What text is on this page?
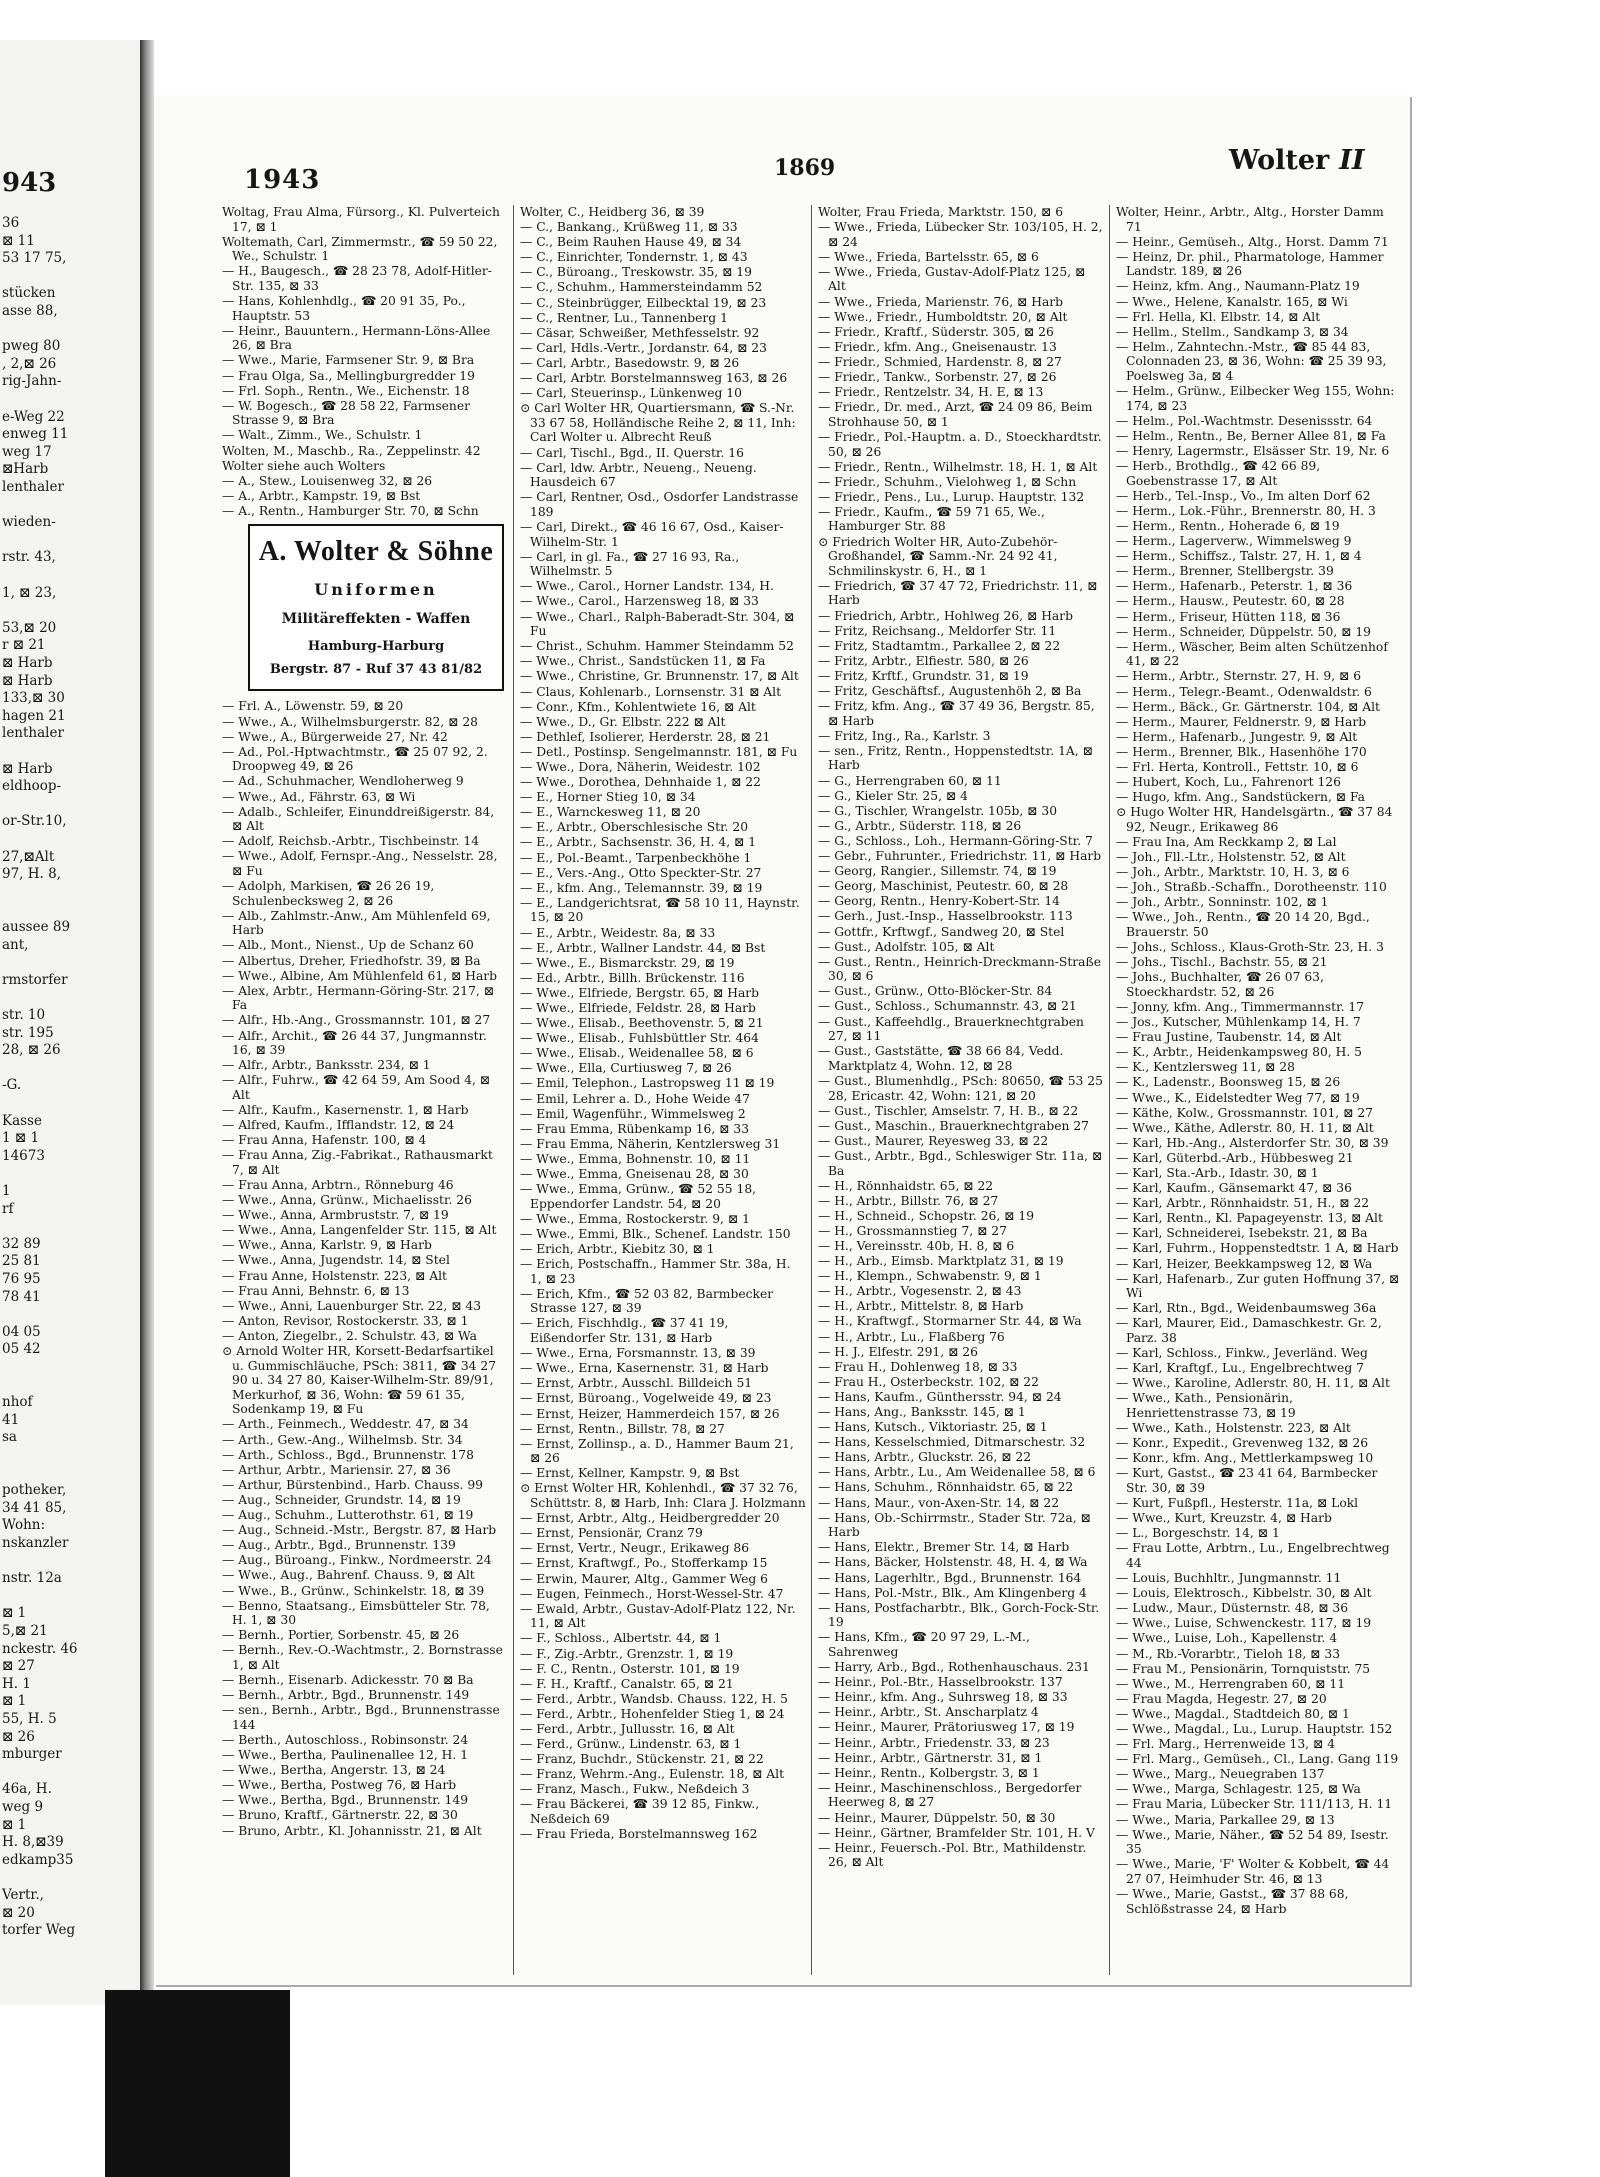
943
36
⊠ 11
53 17 75,
stücken
asse 88,
pweg 80
, 2,⊠ 26
rig-Jahn-
e-Weg 22
enweg 11
weg 17
⊠Harb
lenthaler
wieden-
rstr. 43,
1, ⊠ 23,
53,⊠ 20
r ⊠ 21
⊠ Harb
⊠ Harb
133,⊠ 30
hagen 21
lenthaler
⊠ Harb
eldhoop-
or-Str.10,
27,⊠Alt
97, H. 8,
aussee 89
ant,
rmstorfer
str. 10
str. 195
28, ⊠ 26
-G.
Kasse
1 ⊠ 1
14673
1
rf
32 89
25 81
76 95
78 41
04 05
05 42
nhof
41
sa
potheker,
34 41 85,
Wohn:
nskanzler
nstr. 12a
⊠ 1
5,⊠ 21
nckestr. 46
⊠ 27
H. 1
⊠ 1
55, H. 5
⊠ 26
mburger
46a, H.
weg 9
⊠ 1
H. 8,⊠39
edkamp35
Vertr.,
⊠ 20
torfer Weg
1943	1869	Wolter II
Woltag, Frau Alma, Fürsorg., Kl. Pulverteich 17, ⊠ 1
Woltemath, Carl, Zimmermstr., ☎ 59 50 22, We., Schulstr. 1
— H., Baugesch., ☎ 28 23 78, Adolf-Hitler-Str. 135, ⊠ 33
— Hans, Kohlenhdlg., ☎ 20 91 35, Po., Hauptstr. 53
— Heinr., Bauuntern., Hermann-Löns-Allee 26, ⊠ Bra
— Wwe., Marie, Farmsener Str. 9, ⊠ Bra
— Frau Olga, Sa., Mellingburgredder 19
— Frl. Soph., Rentn., We., Eichenstr. 18
— W. Bogesch., ☎ 28 58 22, Farmsener Strasse 9, ⊠ Bra
— Walt., Zimm., We., Schulstr. 1
Wolten, M., Maschb., Ra., Zeppelinstr. 42
Wolter siehe auch Wolters
— A., Stew., Louisenweg 32, ⊠ 26
— A., Arbtr., Kampstr. 19, ⊠ Bst
— A., Rentn., Hamburger Str. 70, ⊠ Schn
A. Wolter & Söhne
Uniformen
Militäreffekten - Waffen
Hamburg-Harburg
Bergstr. 87 - Ruf 37 43 81/82
— Frl. A., Löwenstr. 59, ⊠ 20
— Wwe., A., Wilhelmsburgerstr. 82, ⊠ 28
— Wwe., A., Bürgerweide 27, Nr. 42
— Ad., Pol.-Hptwachtmstr., ☎ 25 07 92, 2. Droopweg 49, ⊠ 26
— Ad., Schuhmacher, Wendloherweg 9
— Wwe., Ad., Fährstr. 63, ⊠ Wi
— Adalb., Schleifer, Einunddreißigerstr. 84, ⊠ Alt
— Adolf, Reichsb.-Arbtr., Tischbeinstr. 14
— Wwe., Adolf, Fernspr.-Ang., Nesselstr. 28, ⊠ Fu
— Adolph, Markisen, ☎ 26 26 19, Schulenbecksweg 2, ⊠ 26
— Alb., Zahlmstr.-Anw., Am Mühlenfeld 69, Harb
— Alb., Mont., Nienst., Up de Schanz 60
— Albertus, Dreher, Friedhofstr. 39, ⊠ Ba
— Wwe., Albine, Am Mühlenfeld 61, ⊠ Harb
— Alex, Arbtr., Hermann-Göring-Str. 217, ⊠ Fa
— Alfr., Hb.-Ang., Grossmannstr. 101, ⊠ 27
— Alfr., Archit., ☎ 26 44 37, Jungmannstr. 16, ⊠ 39
— Alfr., Arbtr., Banksstr. 234, ⊠ 1
— Alfr., Fuhrw., ☎ 42 64 59, Am Sood 4, ⊠ Alt
— Alfr., Kaufm., Kasernenstr. 1, ⊠ Harb
— Alfred, Kaufm., Ifflandstr. 12, ⊠ 24
— Frau Anna, Hafenstr. 100, ⊠ 4
— Frau Anna, Zig.-Fabrikat., Rathausmarkt 7, ⊠ Alt
— Frau Anna, Arbtrn., Rönneburg 46
— Wwe., Anna, Grünw., Michaelisstr. 26
— Wwe., Anna, Armbruststr. 7, ⊠ 19
— Wwe., Anna, Langenfelder Str. 115, ⊠ Alt
— Wwe., Anna, Karlstr. 9, ⊠ Harb
— Wwe., Anna, Jugendstr. 14, ⊠ Stel
— Frau Anne, Holstenstr. 223, ⊠ Alt
— Frau Anni, Behnstr. 6, ⊠ 13
— Wwe., Anni, Lauenburger Str. 22, ⊠ 43
— Anton, Revisor, Rostockerstr. 33, ⊠ 1
— Anton, Ziegelbr., 2. Schulstr. 43, ⊠ Wa
⊙ Arnold Wolter HR, Korsett-Bedarfsartikel u. Gummischläuche, PSch: 3811, ☎ 34 27 90 u. 34 27 80, Kaiser-Wilhelm-Str. 89/91, Merkurhof, ⊠ 36, Wohn: ☎ 59 61 35, Sodenkamp 19, ⊠ Fu
— Arth., Feinmech., Weddestr. 47, ⊠ 34
— Arth., Gew.-Ang., Wilhelmsb. Str. 34
— Arth., Schloss., Bgd., Brunnenstr. 178
— Arthur, Arbtr., Mariensir. 27, ⊠ 36
— Arthur, Bürstenbind., Harb. Chauss. 99
— Aug., Schneider, Grundstr. 14, ⊠ 19
— Aug., Schuhm., Lutterothstr. 61, ⊠ 19
— Aug., Schneid.-Mstr., Bergstr. 87, ⊠ Harb
— Aug., Arbtr., Bgd., Brunnenstr. 139
— Aug., Büroang., Finkw., Nordmeerstr. 24
— Wwe., Aug., Bahrenf. Chauss. 9, ⊠ Alt
— Wwe., B., Grünw., Schinkelstr. 18, ⊠ 39
— Benno, Staatsang., Eimsbütteler Str. 78, H. 1, ⊠ 30
— Bernh., Portier, Sorbenstr. 45, ⊠ 26
— Bernh., Rev.-O.-Wachtmstr., 2. Bornstrasse 1, ⊠ Alt
— Bernh., Eisenarb. Adickesstr. 70 ⊠ Ba
— Bernh., Arbtr., Bgd., Brunnenstr. 149
— sen., Bernh., Arbtr., Bgd., Brunnenstrasse 144
— Berth., Autoschloss., Robinsonstr. 24
— Wwe., Bertha, Paulinenallee 12, H. 1
— Wwe., Bertha, Angerstr. 13, ⊠ 24
— Wwe., Bertha, Postweg 76, ⊠ Harb
— Wwe., Bertha, Bgd., Brunnenstr. 149
— Bruno, Kraftf., Gärtnerstr. 22, ⊠ 30
— Bruno, Arbtr., Kl. Johannisstr. 21, ⊠ Alt
Wolter, C., Heidberg 36, ⊠ 39
— C., Bankang., Krüßweg 11, ⊠ 33
— C., Beim Rauhen Hause 49, ⊠ 34
— C., Einrichter, Tondernstr. 1, ⊠ 43
— C., Büroang., Treskowstr. 35, ⊠ 19
— C., Schuhm., Hammersteindamm 52
— C., Steinbrügger, Eilbecktal 19, ⊠ 23
— C., Rentner, Lu., Tannenberg 1
— Cäsar, Schweißer, Methfesselstr. 92
— Carl, Hdls.-Vertr., Jordanstr. 64, ⊠ 23
— Carl, Arbtr., Basedowstr. 9, ⊠ 26
— Carl, Arbtr. Borstelmannsweg 163, ⊠ 26
— Carl, Steuerinsp., Lünkenweg 10
⊙ Carl Wolter HR, Quartiersmann, ☎ S.-Nr. 33 67 58, Holländische Reihe 2, ⊠ 11, Inh: Carl Wolter u. Albrecht Reuß
— Carl, Tischl., Bgd., II. Querstr. 16
— Carl, ldw. Arbtr., Neueng., Neueng. Hausdeich 67
— Carl, Rentner, Osd., Osdorfer Landstrasse 189
— Carl, Direkt., ☎ 46 16 67, Osd., Kaiser-Wilhelm-Str. 1
— Carl, in gl. Fa., ☎ 27 16 93, Ra., Wilhelmstr. 5
— Wwe., Carol., Horner Landstr. 134, H.
— Wwe., Carol., Harzensweg 18, ⊠ 33
— Wwe., Charl., Ralph-Baberadt-Str. 304, ⊠ Fu
— Christ., Schuhm. Hammer Steindamm 52
— Wwe., Christ., Sandstücken 11, ⊠ Fa
— Wwe., Christine, Gr. Brunnenstr. 17, ⊠ Alt
— Claus, Kohlenarb., Lornsenstr. 31 ⊠ Alt
— Conr., Kfm., Kohlentwiete 16, ⊠ Alt
— Wwe., D., Gr. Elbstr. 222 ⊠ Alt
— Dethlef, Isolierer, Herderstr. 28, ⊠ 21
— Detl., Postinsp. Sengelmannstr. 181, ⊠ Fu
— Wwe., Dora, Näherin, Weidestr. 102
— Wwe., Dorothea, Dehnhaide 1, ⊠ 22
— E., Horner Stieg 10, ⊠ 34
— E., Warnckesweg 11, ⊠ 20
— E., Arbtr., Oberschlesische Str. 20
— E., Arbtr., Sachsenstr. 36, H. 4, ⊠ 1
— E., Pol.-Beamt., Tarpenbeckhöhe 1
— E., Vers.-Ang., Otto Speckter-Str. 27
— E., kfm. Ang., Telemannstr. 39, ⊠ 19
— E., Landgerichtsrat, ☎ 58 10 11, Haynstr. 15, ⊠ 20
— E., Arbtr., Weidestr. 8a, ⊠ 33
— E., Arbtr., Wallner Landstr. 44, ⊠ Bst
— Wwe., E., Bismarckstr. 29, ⊠ 19
— Ed., Arbtr., Billh. Brückenstr. 116
— Wwe., Elfriede, Bergstr. 65, ⊠ Harb
— Wwe., Elfriede, Feldstr. 28, ⊠ Harb
— Wwe., Elisab., Beethovenstr. 5, ⊠ 21
— Wwe., Elisab., Fuhlsbüttler Str. 464
— Wwe., Elisab., Weidenallee 58, ⊠ 6
— Wwe., Ella, Curtiusweg 7, ⊠ 26
— Emil, Telephon., Lastropsweg 11 ⊠ 19
— Emil, Lehrer a. D., Hohe Weide 47
— Emil, Wagenführ., Wimmelsweg 2
— Frau Emma, Rübenkamp 16, ⊠ 33
— Frau Emma, Näherin, Kentzlersweg 31
— Wwe., Emma, Bohnenstr. 10, ⊠ 11
— Wwe., Emma, Gneisenau 28, ⊠ 30
— Wwe., Emma, Grünw., ☎ 52 55 18, Eppendorfer Landstr. 54, ⊠ 20
— Wwe., Emma, Rostockerstr. 9, ⊠ 1
— Wwe., Emmi, Blk., Schenef. Landstr. 150
— Erich, Arbtr., Kiebitz 30, ⊠ 1
— Erich, Postschaffn., Hammer Str. 38a, H. 1, ⊠ 23
— Erich, Kfm., ☎ 52 03 82, Barmbecker Strasse 127, ⊠ 39
— Erich, Fischhdlg., ☎ 37 41 19, Eißendorfer Str. 131, ⊠ Harb
— Wwe., Erna, Forsmannstr. 13, ⊠ 39
— Wwe., Erna, Kasernenstr. 31, ⊠ Harb
— Ernst, Arbtr., Ausschl. Billdeich 51
— Ernst, Büroang., Vogelweide 49, ⊠ 23
— Ernst, Heizer, Hammerdeich 157, ⊠ 26
— Ernst, Rentn., Billstr. 78, ⊠ 27
— Ernst, Zollinsp., a. D., Hammer Baum 21, ⊠ 26
— Ernst, Kellner, Kampstr. 9, ⊠ Bst
⊙ Ernst Wolter HR, Kohlenhdl., ☎ 37 32 76, Schüttstr. 8, ⊠ Harb, Inh: Clara J. Holzmann
— Ernst, Arbtr., Altg., Heidbergredder 20
— Ernst, Pensionär, Cranz 79
— Ernst, Vertr., Neugr., Erikaweg 86
— Ernst, Kraftwgf., Po., Stofferkamp 15
— Erwin, Maurer, Altg., Gammer Weg 6
— Eugen, Feinmech., Horst-Wessel-Str. 47
— Ewald, Arbtr., Gustav-Adolf-Platz 122, Nr. 11, ⊠ Alt
— F., Schloss., Albertstr. 44, ⊠ 1
— F., Zig.-Arbtr., Grenzstr. 1, ⊠ 19
— F. C., Rentn., Osterstr. 101, ⊠ 19
— F. H., Kraftf., Canalstr. 65, ⊠ 21
— Ferd., Arbtr., Wandsb. Chauss. 122, H. 5
— Ferd., Arbtr., Hohenfelder Stieg 1, ⊠ 24
— Ferd., Arbtr., Jullusstr. 16, ⊠ Alt
— Ferd., Grünw., Lindenstr. 63, ⊠ 1
— Franz, Buchdr., Stückenstr. 21, ⊠ 22
— Franz, Wehrm.-Ang., Eulenstr. 18, ⊠ Alt
— Franz, Masch., Fukw., Neßdeich 3
— Frau Bäckerei, ☎ 39 12 85, Finkw., Neßdeich 69
— Frau Frieda, Borstelmannsweg 162
Wolter, Frau Frieda, Marktstr. 150, ⊠ 6
— Wwe., Frieda, Lübecker Str. 103/105, H. 2, ⊠ 24
— Wwe., Frieda, Bartelsstr. 65, ⊠ 6
— Wwe., Frieda, Gustav-Adolf-Platz 125, ⊠ Alt
— Wwe., Frieda, Marienstr. 76, ⊠ Harb
— Wwe., Friedr., Humboldtstr. 20, ⊠ Alt
— Friedr., Kraftf., Süderstr. 305, ⊠ 26
— Friedr., kfm. Ang., Gneisenaustr. 13
— Friedr., Schmied, Hardenstr. 8, ⊠ 27
— Friedr., Tankw., Sorbenstr. 27, ⊠ 26
— Friedr., Rentzelstr. 34, H. E, ⊠ 13
— Friedr., Dr. med., Arzt, ☎ 24 09 86, Beim Strohhause 50, ⊠ 1
— Friedr., Pol.-Hauptm. a. D., Stoeckhardtstr. 50, ⊠ 26
— Friedr., Rentn., Wilhelmstr. 18, H. 1, ⊠ Alt
— Friedr., Schuhm., Vielohweg 1, ⊠ Schn
— Friedr., Pens., Lu., Lurup. Hauptstr. 132
— Friedr., Kaufm., ☎ 59 71 65, We., Hamburger Str. 88
⊙ Friedrich Wolter HR, Auto-Zubehör-Großhandel, ☎ Samm.-Nr. 24 92 41, Schmilinskystr. 6, H., ⊠ 1
— Friedrich, ☎ 37 47 72, Friedrichstr. 11, ⊠ Harb
— Friedrich, Arbtr., Hohlweg 26, ⊠ Harb
— Fritz, Reichsang., Meldorfer Str. 11
— Fritz, Stadtamtm., Parkallee 2, ⊠ 22
— Fritz, Arbtr., Elfiestr. 580, ⊠ 26
— Fritz, Krftf., Grundstr. 31, ⊠ 19
— Fritz, Geschäftsf., Augustenhöh 2, ⊠ Ba
— Fritz, kfm. Ang., ☎ 37 49 36, Bergstr. 85, ⊠ Harb
— Fritz, Ing., Ra., Karlstr. 3
— sen., Fritz, Rentn., Hoppenstedtstr. 1A, ⊠ Harb
— G., Herrengraben 60, ⊠ 11
— G., Kieler Str. 25, ⊠ 4
— G., Tischler, Wrangelstr. 105b, ⊠ 30
— G., Arbtr., Süderstr. 118, ⊠ 26
— G., Schloss., Loh., Hermann-Göring-Str. 7
— Gebr., Fuhrunter., Friedrichstr. 11, ⊠ Harb
— Georg, Rangier., Sillemstr. 74, ⊠ 19
— Georg, Maschinist, Peutestr. 60, ⊠ 28
— Georg, Rentn., Henry-Kobert-Str. 14
— Gerh., Just.-Insp., Hasselbrookstr. 113
— Gottfr., Krftwgf., Sandweg 20, ⊠ Stel
— Gust., Adolfstr. 105, ⊠ Alt
— Gust., Rentn., Heinrich-Dreckmann-Straße 30, ⊠ 6
— Gust., Grünw., Otto-Blöcker-Str. 84
— Gust., Schloss., Schumannstr. 43, ⊠ 21
— Gust., Kaffeehdlg., Brauerknechtgraben 27, ⊠ 11
— Gust., Gaststätte, ☎ 38 66 84, Vedd. Marktplatz 4, Wohn. 12, ⊠ 28
— Gust., Blumenhdlg., PSch: 80650, ☎ 53 25 28, Ericastr. 42, Wohn: 121, ⊠ 20
— Gust., Tischler, Amselstr. 7, H. B., ⊠ 22
— Gust., Maschin., Brauerknechtgraben 27
— Gust., Maurer, Reyesweg 33, ⊠ 22
— Gust., Arbtr., Bgd., Schleswiger Str. 11a, ⊠ Ba
— H., Rönnhaidstr. 65, ⊠ 22
— H., Arbtr., Billstr. 76, ⊠ 27
— H., Schneid., Schopstr. 26, ⊠ 19
— H., Grossmannstieg 7, ⊠ 27
— H., Vereinsstr. 40b, H. 8, ⊠ 6
— H., Arb., Eimsb. Marktplatz 31, ⊠ 19
— H., Klempn., Schwabenstr. 9, ⊠ 1
— H., Arbtr., Vogesenstr. 2, ⊠ 43
— H., Arbtr., Mittelstr. 8, ⊠ Harb
— H., Kraftwgf., Stormarner Str. 44, ⊠ Wa
— H., Arbtr., Lu., Flaßberg 76
— H. J., Elfestr. 291, ⊠ 26
— Frau H., Dohlenweg 18, ⊠ 33
— Frau H., Osterbeckstr. 102, ⊠ 22
— Hans, Kaufm., Günthersstr. 94, ⊠ 24
— Hans, Ang., Banksstr. 145, ⊠ 1
— Hans, Kutsch., Viktoriastr. 25, ⊠ 1
— Hans, Kesselschmied, Ditmarschestr. 32
— Hans, Arbtr., Gluckstr. 26, ⊠ 22
— Hans, Arbtr., Lu., Am Weidenallee 58, ⊠ 6
— Hans, Schuhm., Rönnhaidstr. 65, ⊠ 22
— Hans, Maur., von-Axen-Str. 14, ⊠ 22
— Hans, Ob.-Schirrmstr., Stader Str. 72a, ⊠ Harb
— Hans, Elektr., Bremer Str. 14, ⊠ Harb
— Hans, Bäcker, Holstenstr. 48, H. 4, ⊠ Wa
— Hans, Lagerhltr., Bgd., Brunnenstr. 164
— Hans, Pol.-Mstr., Blk., Am Klingenberg 4
— Hans, Postfacharbtr., Blk., Gorch-Fock-Str. 19
— Hans, Kfm., ☎ 20 97 29, L.-M., Sahrenweg
— Harry, Arb., Bgd., Rothenhauschaus. 231
— Heinr., Pol.-Btr., Hasselbrookstr. 137
— Heinr., kfm. Ang., Suhrsweg 18, ⊠ 33
— Heinr., Arbtr., St. Anscharplatz 4
— Heinr., Maurer, Prätoriusweg 17, ⊠ 19
— Heinr., Arbtr., Friedenstr. 33, ⊠ 23
— Heinr., Arbtr., Gärtnerstr. 31, ⊠ 1
— Heinr., Rentn., Kolbergstr. 3, ⊠ 1
— Heinr., Maschinenschloss., Bergedorfer Heerweg 8, ⊠ 27
— Heinr., Maurer, Düppelstr. 50, ⊠ 30
— Heinr., Gärtner, Bramfelder Str. 101, H. V
— Heinr., Feuersch.-Pol. Btr., Mathildenstr. 26, ⊠ Alt
Wolter, Heinr., Arbtr., Altg., Horster Damm 71
— Heinr., Gemüseh., Altg., Horst. Damm 71
— Heinz, Dr. phil., Pharmatologe, Hammer Landstr. 189, ⊠ 26
— Heinz, kfm. Ang., Naumann-Platz 19
— Wwe., Helene, Kanalstr. 165, ⊠ Wi
— Frl. Hella, Kl. Elbstr. 14, ⊠ Alt
— Hellm., Stellm., Sandkamp 3, ⊠ 34
— Helm., Zahntechn.-Mstr., ☎ 85 44 83, Colonnaden 23, ⊠ 36, Wohn: ☎ 25 39 93, Poelsweg 3a, ⊠ 4
— Helm., Grünw., Eilbecker Weg 155, Wohn: 174, ⊠ 23
— Helm., Pol.-Wachtmstr. Desenissstr. 64
— Helm., Rentn., Be, Berner Allee 81, ⊠ Fa
— Henry, Lagermstr., Elsässer Str. 19, Nr. 6
— Herb., Brothdlg., ☎ 42 66 89, Goebenstrasse 17, ⊠ Alt
— Herb., Tel.-Insp., Vo., Im alten Dorf 62
— Herm., Lok.-Führ., Brennerstr. 80, H. 3
— Herm., Rentn., Hoherade 6, ⊠ 19
— Herm., Lagerverw., Wimmelsweg 9
— Herm., Schiffsz., Talstr. 27, H. 1, ⊠ 4
— Herm., Brenner, Stellbergstr. 39
— Herm., Hafenarb., Peterstr. 1, ⊠ 36
— Herm., Hausw., Peutestr. 60, ⊠ 28
— Herm., Friseur, Hütten 118, ⊠ 36
— Herm., Schneider, Düppelstr. 50, ⊠ 19
— Herm., Wäscher, Beim alten Schützenhof 41, ⊠ 22
— Herm., Arbtr., Sternstr. 27, H. 9, ⊠ 6
— Herm., Telegr.-Beamt., Odenwaldstr. 6
— Herm., Bäck., Gr. Gärtnerstr. 104, ⊠ Alt
— Herm., Maurer, Feldnerstr. 9, ⊠ Harb
— Herm., Hafenarb., Jungestr. 9, ⊠ Alt
— Herm., Brenner, Blk., Hasenhöhe 170
— Frl. Herta, Kontroll., Fettstr. 10, ⊠ 6
— Hubert, Koch, Lu., Fahrenort 126
— Hugo, kfm. Ang., Sandstückern, ⊠ Fa
⊙ Hugo Wolter HR, Handelsgärtn., ☎ 37 84 92, Neugr., Erikaweg 86
— Frau Ina, Am Reckkamp 2, ⊠ Lal
— Joh., Fll.-Ltr., Holstenstr. 52, ⊠ Alt
— Joh., Arbtr., Marktstr. 10, H. 3, ⊠ 6
— Joh., Straßb.-Schaffn., Dorotheenstr. 110
— Joh., Arbtr., Sonninstr. 102, ⊠ 1
— Wwe., Joh., Rentn., ☎ 20 14 20, Bgd., Brauerstr. 50
— Johs., Schloss., Klaus-Groth-Str. 23, H. 3
— Johs., Tischl., Bachstr. 55, ⊠ 21
— Johs., Buchhalter, ☎ 26 07 63, Stoeckhardstr. 52, ⊠ 26
— Jonny, kfm. Ang., Timmermannstr. 17
— Jos., Kutscher, Mühlenkamp 14, H. 7
— Frau Justine, Taubenstr. 14, ⊠ Alt
— K., Arbtr., Heidenkampsweg 80, H. 5
— K., Kentzlersweg 11, ⊠ 28
— K., Ladenstr., Boonsweg 15, ⊠ 26
— Wwe., K., Eidelstedter Weg 77, ⊠ 19
— Käthe, Kolw., Grossmannstr. 101, ⊠ 27
— Wwe., Käthe, Adlerstr. 80, H. 11, ⊠ Alt
— Karl, Hb.-Ang., Alsterdorfer Str. 30, ⊠ 39
— Karl, Güterbd.-Arb., Hübbesweg 21
— Karl, Sta.-Arb., Idastr. 30, ⊠ 1
— Karl, Kaufm., Gänsemarkt 47, ⊠ 36
— Karl, Arbtr., Rönnhaidstr. 51, H., ⊠ 22
— Karl, Rentn., Kl. Papageyenstr. 13, ⊠ Alt
— Karl, Schneiderei, Isebekstr. 21, ⊠ Ba
— Karl, Fuhrm., Hoppenstedtstr. 1 A, ⊠ Harb
— Karl, Heizer, Beekkampsweg 12, ⊠ Wa
— Karl, Hafenarb., Zur guten Hoffnung 37, ⊠ Wi
— Karl, Rtn., Bgd., Weidenbaumsweg 36a
— Karl, Maurer, Eid., Damaschkestr. Gr. 2, Parz. 38
— Karl, Schloss., Finkw., Jeverländ. Weg
— Karl, Kraftgf., Lu., Engelbrechtweg 7
— Wwe., Karoline, Adlerstr. 80, H. 11, ⊠ Alt
— Wwe., Kath., Pensionärin, Henriettenstrasse 73, ⊠ 19
— Wwe., Kath., Holstenstr. 223, ⊠ Alt
— Konr., Expedit., Grevenweg 132, ⊠ 26
— Konr., kfm. Ang., Mettlerkampsweg 10
— Kurt, Gastst., ☎ 23 41 64, Barmbecker Str. 30, ⊠ 39
— Kurt, Fußpfl., Hesterstr. 11a, ⊠ Lokl
— Wwe., Kurt, Kreuzstr. 4, ⊠ Harb
— L., Borgeschstr. 14, ⊠ 1
— Frau Lotte, Arbtrn., Lu., Engelbrechtweg 44
— Louis, Buchhltr., Jungmannstr. 11
— Louis, Elektrosch., Kibbelstr. 30, ⊠ Alt
— Ludw., Maur., Düsternstr. 48, ⊠ 36
— Wwe., Luise, Schwenckestr. 117, ⊠ 19
— Wwe., Luise, Loh., Kapellenstr. 4
— M., Rb.-Vorarbtr., Tieloh 18, ⊠ 33
— Frau M., Pensionärin, Tornquiststr. 75
— Wwe., M., Herrengraben 60, ⊠ 11
— Frau Magda, Hegestr. 27, ⊠ 20
— Wwe., Magdal., Stadtdeich 80, ⊠ 1
— Wwe., Magdal., Lu., Lurup. Hauptstr. 152
— Frl. Marg., Herrenweide 13, ⊠ 4
— Frl. Marg., Gemüseh., Cl., Lang. Gang 119
— Wwe., Marg., Neuegraben 137
— Wwe., Marga, Schlagestr. 125, ⊠ Wa
— Frau Maria, Lübecker Str. 111/113, H. 11
— Wwe., Maria, Parkallee 29, ⊠ 13
— Wwe., Marie, Näher., ☎ 52 54 89, Isestr. 35
— Wwe., Marie, 'F' Wolter & Kobbelt, ☎ 44 27 07, Heimhuder Str. 46, ⊠ 13
— Wwe., Marie, Gastst., ☎ 37 88 68, Schlößstrasse 24, ⊠ Harb
